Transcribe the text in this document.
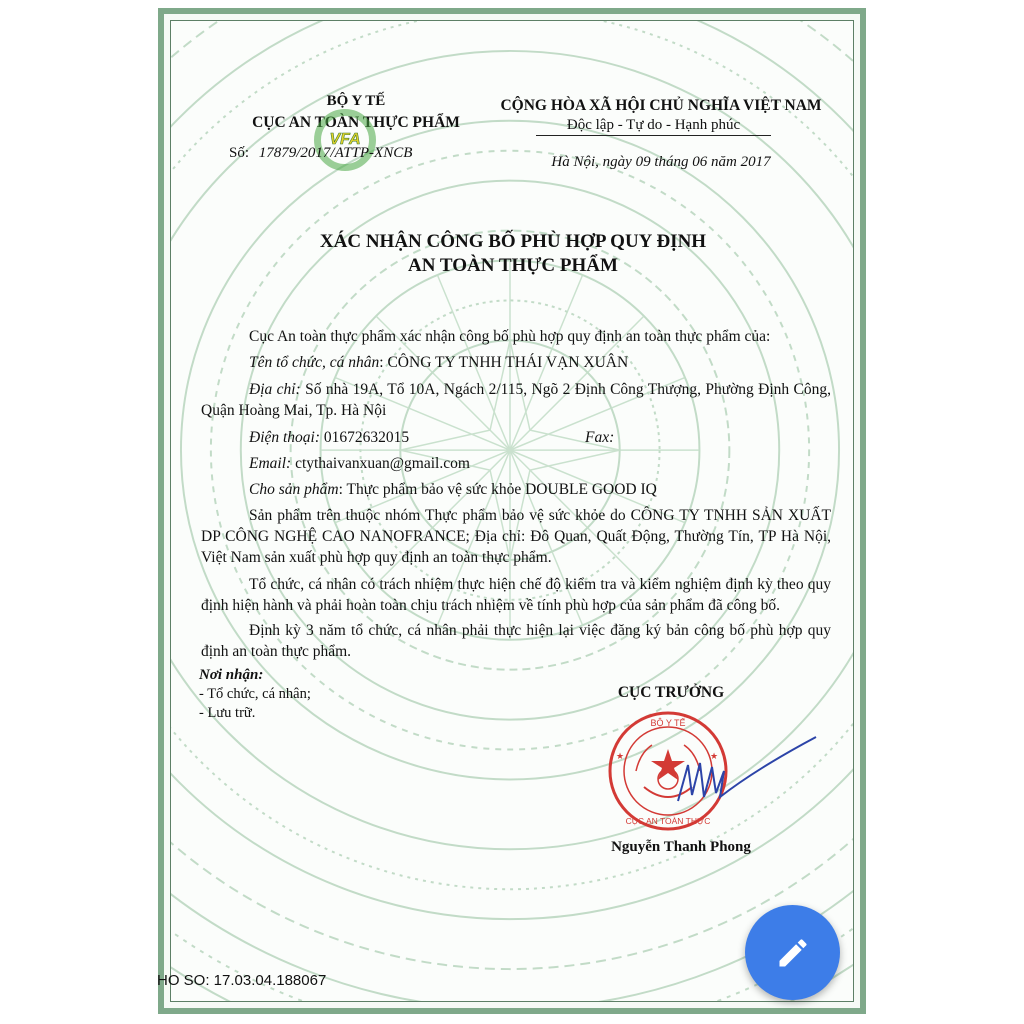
BỘ Y TẾ
CỤC AN TOÀN THỰC PHẨM
VFA
Số: 17879/2017/ATTP-XNCB
CỘNG HÒA XÃ HỘI CHỦ NGHĨA VIỆT NAM
Độc lập - Tự do - Hạnh phúc
Hà Nội, ngày 09 tháng 06 năm 2017
XÁC NHẬN CÔNG BỐ PHÙ HỢP QUY ĐỊNH
AN TOÀN THỰC PHẨM
Cục An toàn thực phẩm xác nhận công bố phù hợp quy định an toàn thực phẩm của:
Tên tổ chức, cá nhân: CÔNG TY TNHH THÁI VẠN XUÂN
Địa chỉ: Số nhà 19A, Tổ 10A, Ngách 2/115, Ngõ 2 Định Công Thượng, Phường Định Công, Quận Hoàng Mai, Tp. Hà Nội
Điện thoại: 01672632015	Fax:
Email: ctythaivanxuan@gmail.com
Cho sản phẩm: Thực phẩm bảo vệ sức khỏe DOUBLE GOOD IQ
Sản phẩm trên thuộc nhóm Thực phẩm bảo vệ sức khỏe do CÔNG TY TNHH SẢN XUẤT DP CÔNG NGHỆ CAO NANOFRANCE; Địa chỉ: Đô Quan, Quất Động, Thường Tín, TP Hà Nội, Việt Nam sản xuất phù hợp quy định an toàn thực phẩm.
Tổ chức, cá nhân có trách nhiệm thực hiện chế độ kiểm tra và kiểm nghiệm định kỳ theo quy định hiện hành và phải hoàn toàn chịu trách nhiệm về tính phù hợp của sản phẩm đã công bố.
Định kỳ 3 năm tổ chức, cá nhân phải thực hiện lại việc đăng ký bản công bố phù hợp quy định an toàn thực phẩm.
Nơi nhận:
- Tổ chức, cá nhân;
- Lưu trữ.
CỤC TRƯỞNG
BỘ Y TẾ
CỤC AN TOÀN THỰC
★	★
Nguyễn Thanh Phong
HO SO: 17.03.04.188067
